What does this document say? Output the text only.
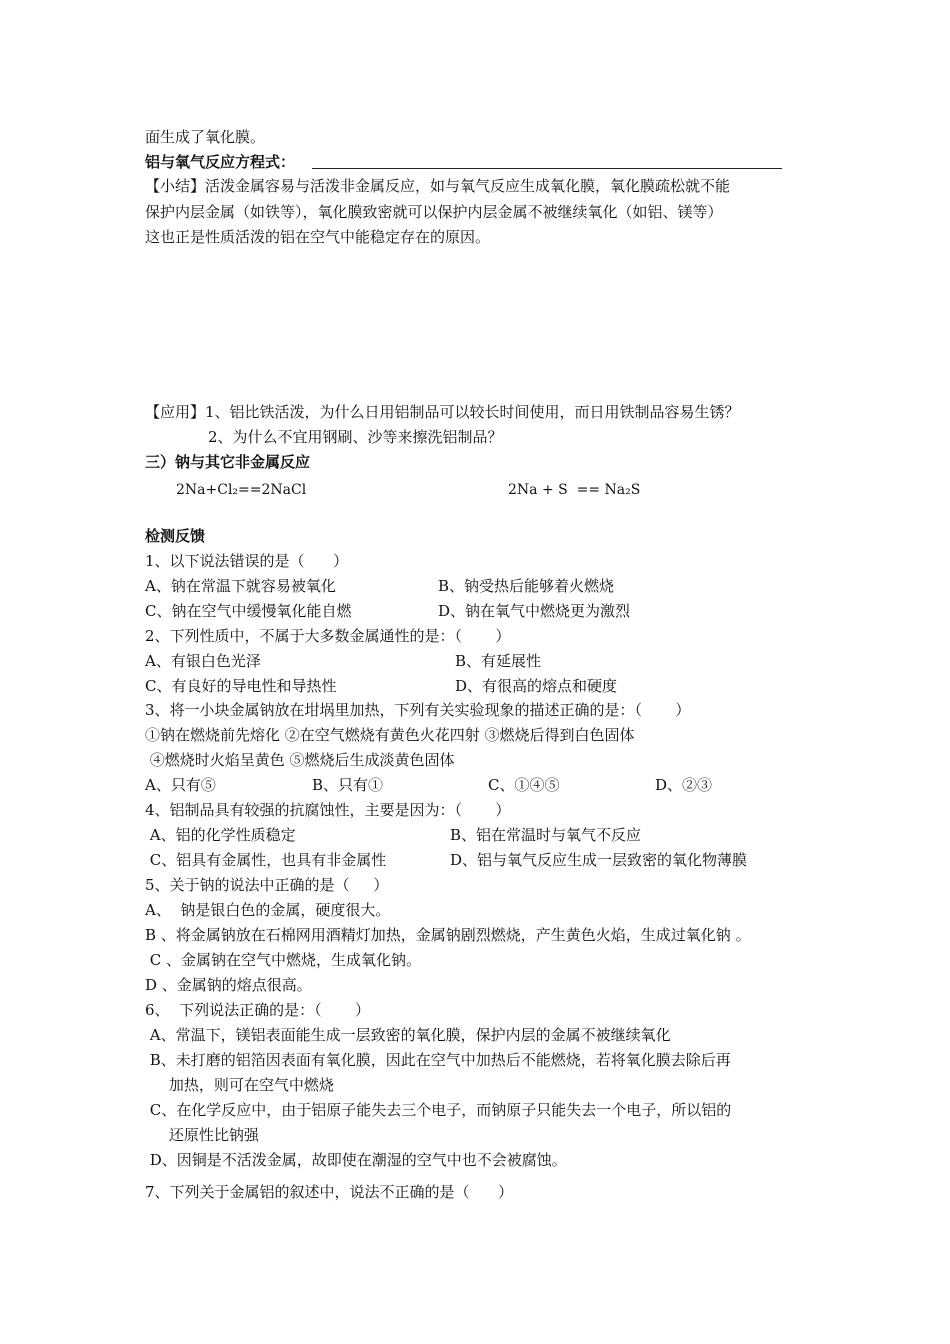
面生成了氧化膜。
铝与氧气反应方程式：
【小结】活泼金属容易与活泼非金属反应，如与氧气反应生成氧化膜，氧化膜疏松就不能
保护内层金属（如铁等），氧化膜致密就可以保护内层金属不被继续氧化（如铝、镁等）
这也正是性质活泼的铝在空气中能稳定存在的原因。
【应用】1、铝比铁活泼，为什么日用铝制品可以较长时间使用，而日用铁制品容易生锈？
2、为什么不宜用钢刷、沙等来擦洗铝制品？
三）钠与其它非金属反应
2Na+Cl₂==2NaCl	2Na + S  == Na₂S
检测反馈
1、以下说法错误的是（      ）
A、钠在常温下就容易被氧化	B、钠受热后能够着火燃烧
C、钠在空气中缓慢氧化能自燃	D、钠在氧气中燃烧更为激烈
2、下列性质中，不属于大多数金属通性的是：（       ）
A、有银白色光泽	B、有延展性
C、有良好的导电性和导热性	D、有很高的熔点和硬度
3、将一小块金属钠放在坩埚里加热，下列有关实验现象的描述正确的是：（       ）
①钠在燃烧前先熔化 ②在空气燃烧有黄色火花四射 ③燃烧后得到白色固体
④燃烧时火焰呈黄色 ⑤燃烧后生成淡黄色固体
A、只有⑤	B、只有①	C、①④⑤	D、②③
4、铝制品具有较强的抗腐蚀性，主要是因为：（       ）
A、铝的化学性质稳定	B、铝在常温时与氧气不反应
C、铝具有金属性，也具有非金属性	D、铝与氧气反应生成一层致密的氧化物薄膜
5、关于钠的说法中正确的是（     ）
A、  钠是银白色的金属，硬度很大。
B 、将金属钠放在石棉网用酒精灯加热，金属钠剧烈燃烧，产生黄色火焰，生成过氧化钠 。
C 、金属钠在空气中燃烧，生成氧化钠。
D 、金属钠的熔点很高。
6、  下列说法正确的是：（       ）
A、常温下，镁铝表面能生成一层致密的氧化膜，保护内层的金属不被继续氧化
B、未打磨的铝箔因表面有氧化膜，因此在空气中加热后不能燃烧，若将氧化膜去除后再
加热，则可在空气中燃烧
C、在化学反应中，由于铝原子能失去三个电子，而钠原子只能失去一个电子，所以铝的
还原性比钠强
D、因铜是不活泼金属，故即使在潮湿的空气中也不会被腐蚀。
7、下列关于金属铝的叙述中，说法不正确的是（      ）
